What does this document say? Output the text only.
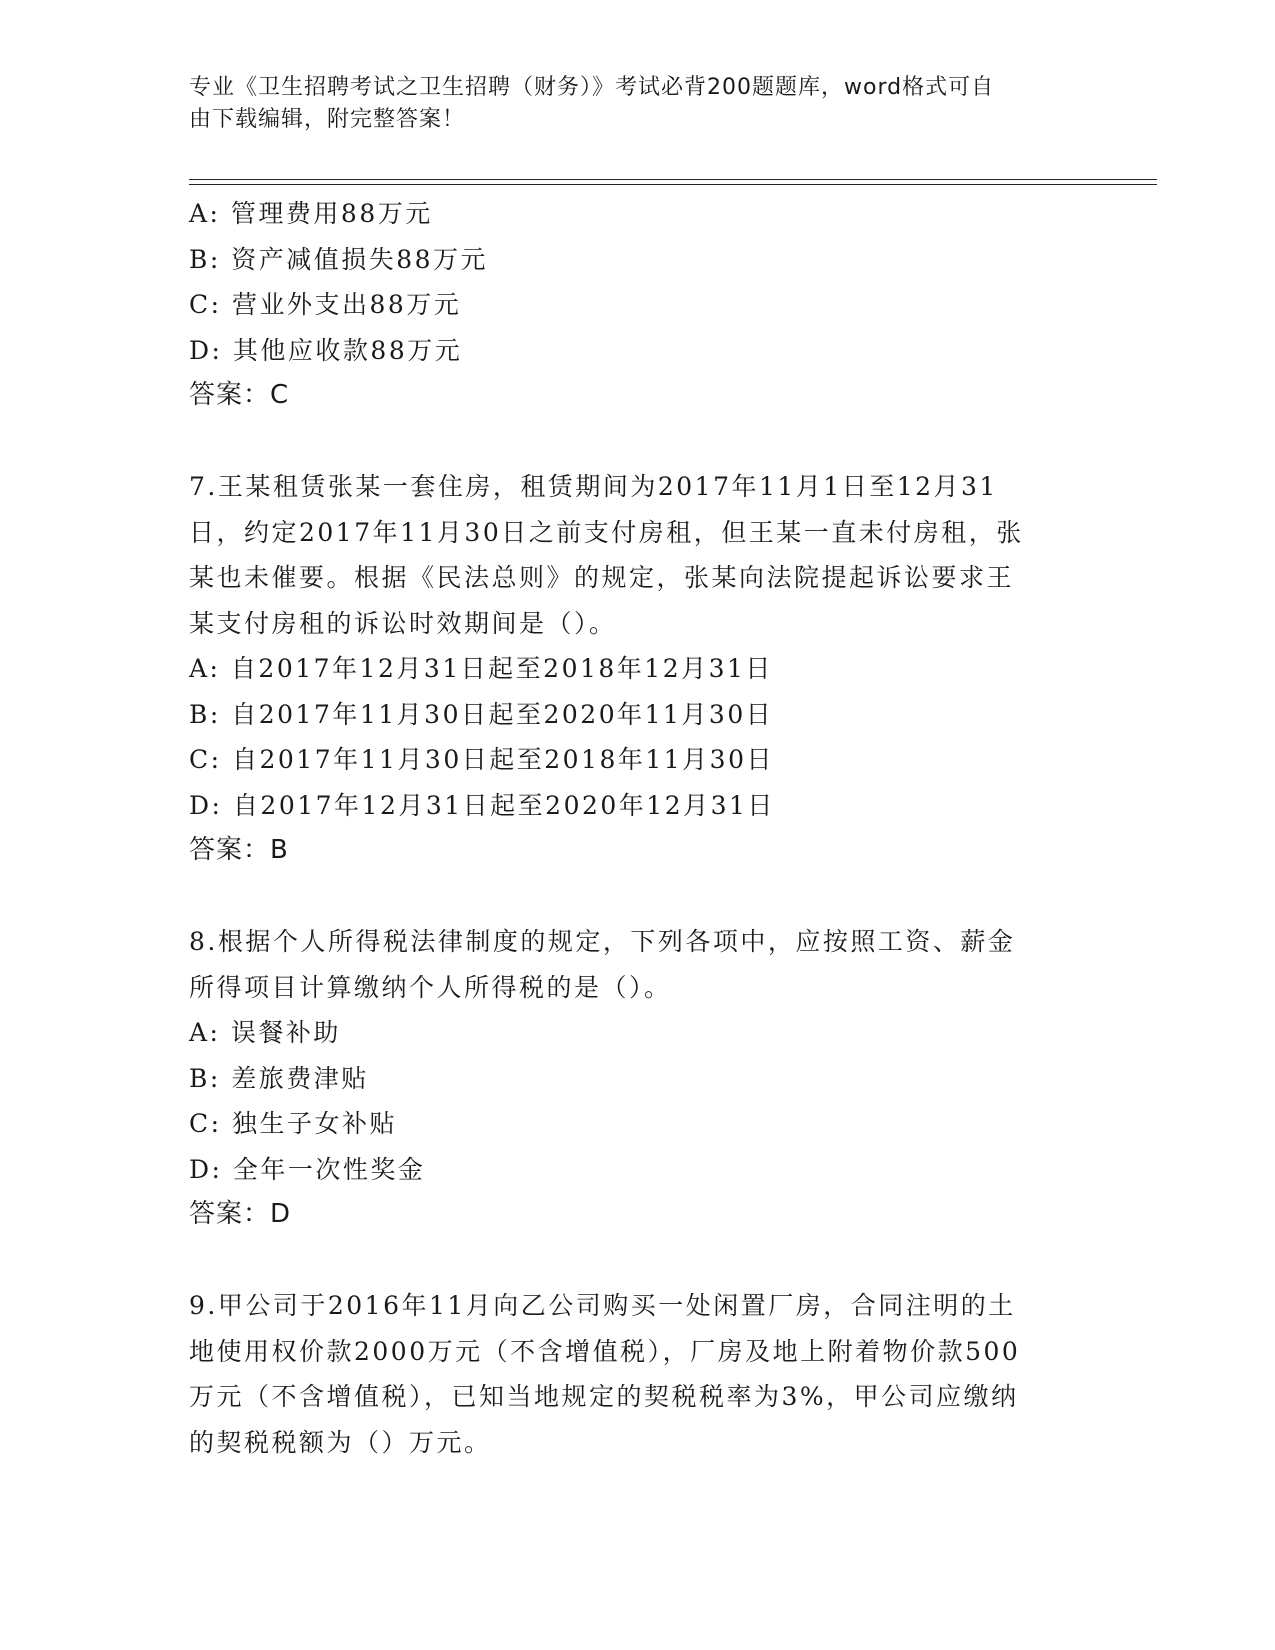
专业《卫生招聘考试之卫生招聘（财务）》考试必背200题题库，word格式可自
由下载编辑，附完整答案！
A: 管理费用88万元
B: 资产减值损失88万元
C: 营业外支出88万元
D: 其他应收款88万元
答案：C
7.王某租赁张某一套住房，租赁期间为2017年11月1日至12月31
日，约定2017年11月30日之前支付房租，但王某一直未付房租，张
某也未催要。根据《民法总则》的规定，张某向法院提起诉讼要求王
某支付房租的诉讼时效期间是（）。
A: 自2017年12月31日起至2018年12月31日
B: 自2017年11月30日起至2020年11月30日
C: 自2017年11月30日起至2018年11月30日
D: 自2017年12月31日起至2020年12月31日
答案：B
8.根据个人所得税法律制度的规定，下列各项中，应按照工资、薪金
所得项目计算缴纳个人所得税的是（）。
A: 误餐补助
B: 差旅费津贴
C: 独生子女补贴
D: 全年一次性奖金
答案：D
9.甲公司于2016年11月向乙公司购买一处闲置厂房，合同注明的土
地使用权价款2000万元（不含增值税），厂房及地上附着物价款500
万元（不含增值税），已知当地规定的契税税率为3%，甲公司应缴纳
的契税税额为（）万元。
